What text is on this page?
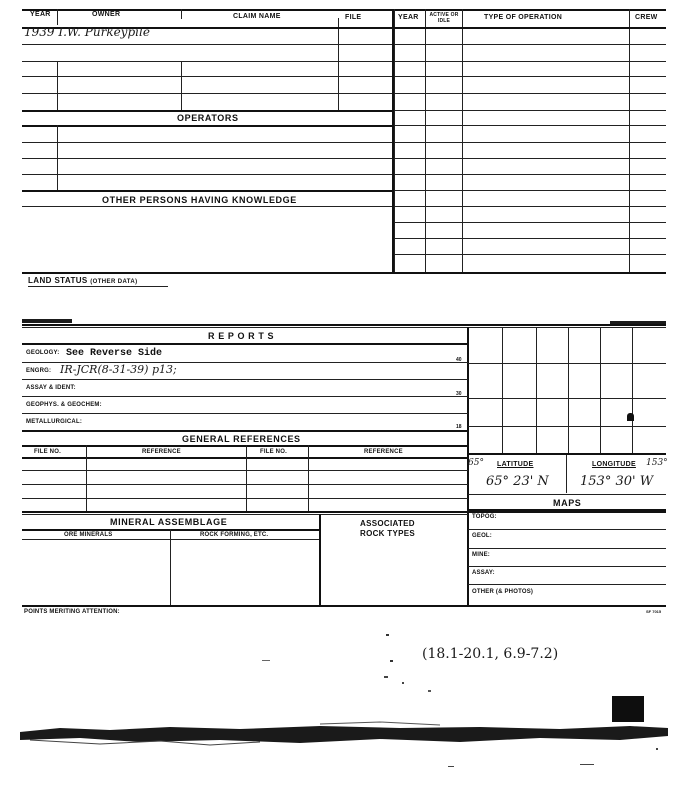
YEAR	OWNER	CLAIM NAME	FILE	YEAR ACTIVE OR IDLE	TYPE OF OPERATION	CREW
1939 I.W. Purkeypile
OPERATORS
OTHER PERSONS HAVING KNOWLEDGE
LAND STATUS (OTHER DATA)
R E P O R T S
GEOLOGY: See Reverse Side
ENGRG: IR-JCR(8-31-39) p13;
40
ASSAY & IDENT:
GEOPHYS. & GEOCHEM:
30
METALLURGICAL:
18
GENERAL REFERENCES
FILE NO.	REFERENCE	FILE NO.	REFERENCE
MINERAL ASSEMBLAGE	ASSOCIATED
ROCK TYPES
ORE MINERALS	ROCK FORMING, ETC.
65° LATITUDE	LONGITUDE 153°
65° 23' N 153° 30' W
MAPS
TOPOG:
GEOL:
MINE:
ASSAY:
OTHER (& PHOTOS)
POINTS MERITING ATTENTION:	SF 7015
(18.1-20.1, 6.9-7.2)
